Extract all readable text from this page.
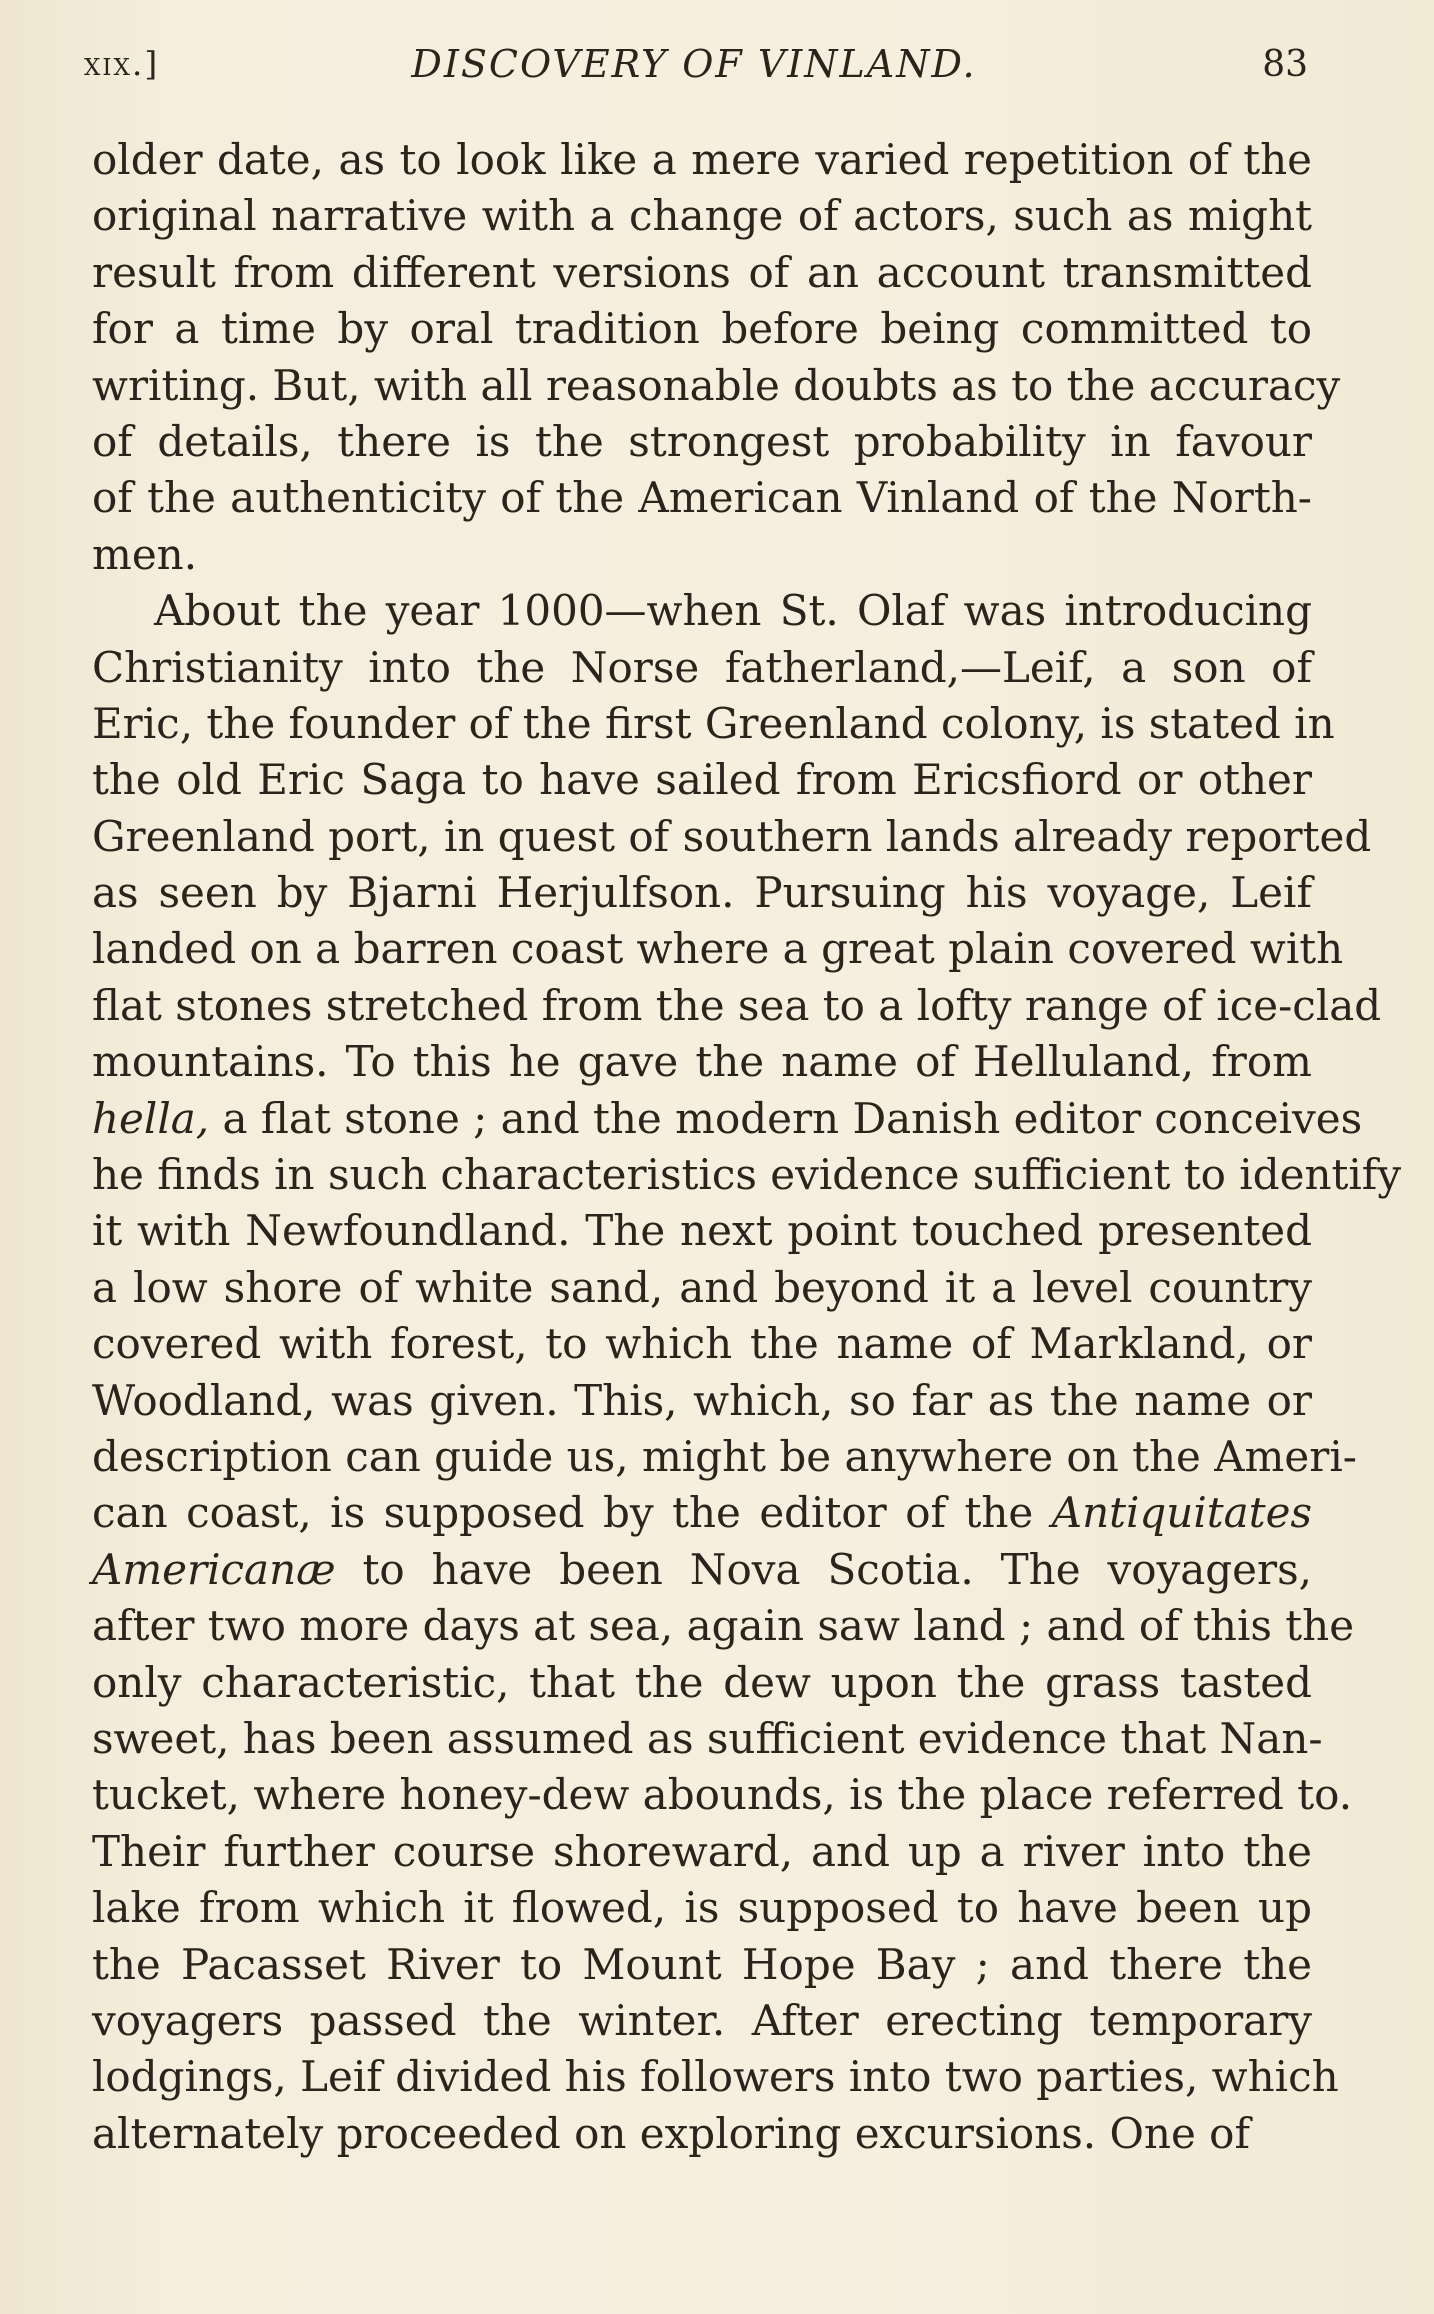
xix.]	DISCOVERY OF VINLAND.	83
older date, as to look like a mere varied repetition of the
original narrative with a change of actors, such as might
result from different versions of an account transmitted
for a time by oral tradition before being committed to
writing. But, with all reasonable doubts as to the accuracy
of details, there is the strongest probability in favour
of the authenticity of the American Vinland of the North-
men.
About the year 1000—when St. Olaf was introducing
Christianity into the Norse fatherland,—Leif, a son of
Eric, the founder of the first Greenland colony, is stated in
the old Eric Saga to have sailed from Ericsfiord or other
Greenland port, in quest of southern lands already reported
as seen by Bjarni Herjulfson. Pursuing his voyage, Leif
landed on a barren coast where a great plain covered with
flat stones stretched from the sea to a lofty range of ice-clad
mountains. To this he gave the name of Helluland, from
hella, a flat stone ; and the modern Danish editor conceives
he finds in such characteristics evidence sufficient to identify
it with Newfoundland. The next point touched presented
a low shore of white sand, and beyond it a level country
covered with forest, to which the name of Markland, or
Woodland, was given. This, which, so far as the name or
description can guide us, might be anywhere on the Ameri-
can coast, is supposed by the editor of the Antiquitates
Americanæ to have been Nova Scotia. The voyagers,
after two more days at sea, again saw land ; and of this the
only characteristic, that the dew upon the grass tasted
sweet, has been assumed as sufficient evidence that Nan-
tucket, where honey-dew abounds, is the place referred to.
Their further course shoreward, and up a river into the
lake from which it flowed, is supposed to have been up
the Pacasset River to Mount Hope Bay ; and there the
voyagers passed the winter. After erecting temporary
lodgings, Leif divided his followers into two parties, which
alternately proceeded on exploring excursions. One of
